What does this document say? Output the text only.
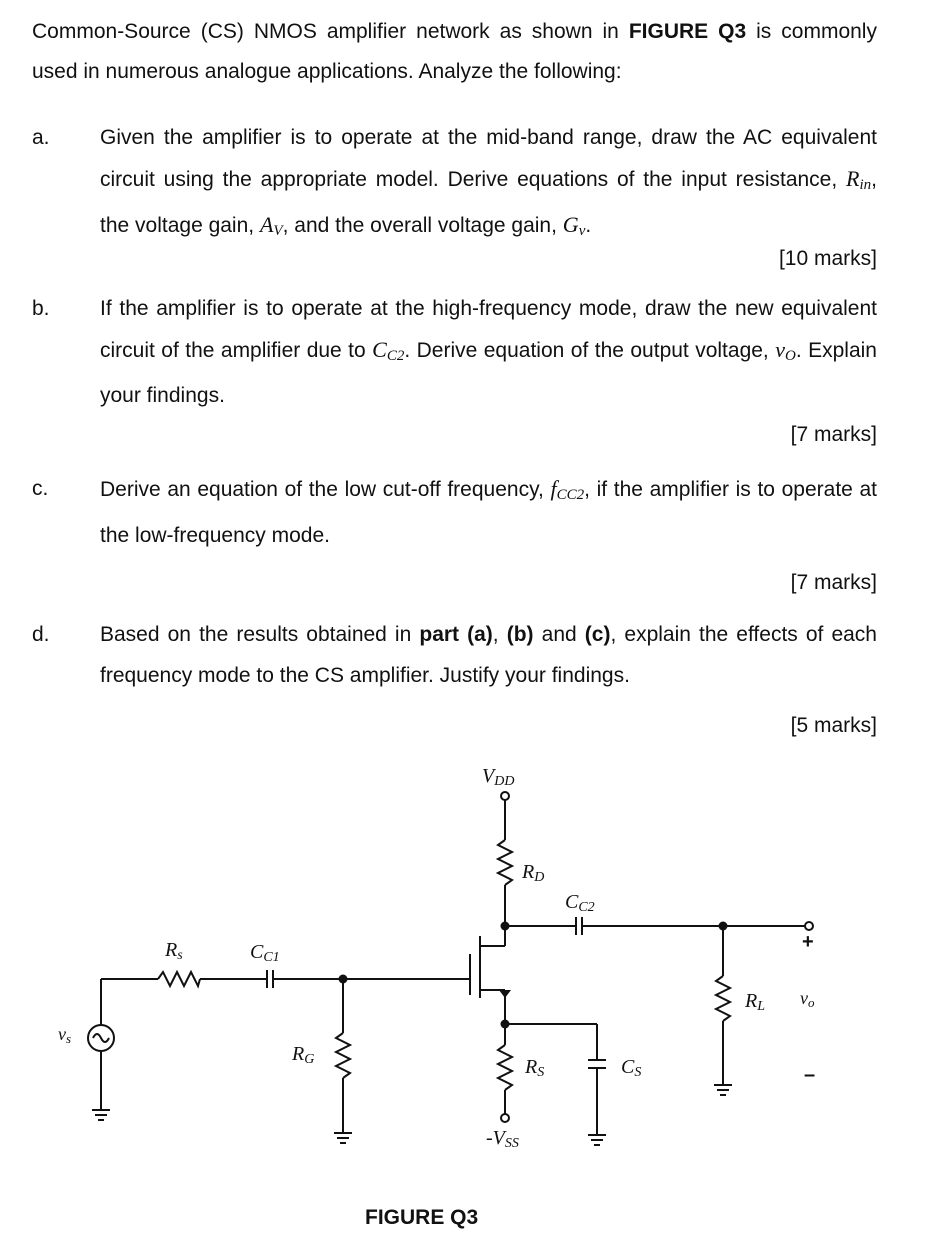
Common-Source (CS) NMOS amplifier network as shown in FIGURE Q3 is commonly used in numerous analogue applications. Analyze the following:

a. Given the amplifier is to operate at the mid-band range, draw the AC equivalent circuit using the appropriate model. Derive equations of the input resistance, $R_{in}$, the voltage gain, $A_V$, and the overall voltage gain, $G_v$.
[10 marks]
b. If the amplifier is to operate at the high-frequency mode, draw the new equivalent circuit of the amplifier due to $C_{C2}$. Derive equation of the output voltage, $v_O$. Explain your findings.
[7 marks]
c. Derive an equation of the low cut-off frequency, $f_{CC2}$, if the amplifier is to operate at the low-frequency mode.
[7 marks]
d. Based on the results obtained in part (a), (b) and (c), explain the effects of each frequency mode to the CS amplifier. Justify your findings.
[5 marks]
VDD
-VSS
RD
RS
Rs
RG
RL
CC1
CC2
CS
vs
vo
+
–
FIGURE Q3
